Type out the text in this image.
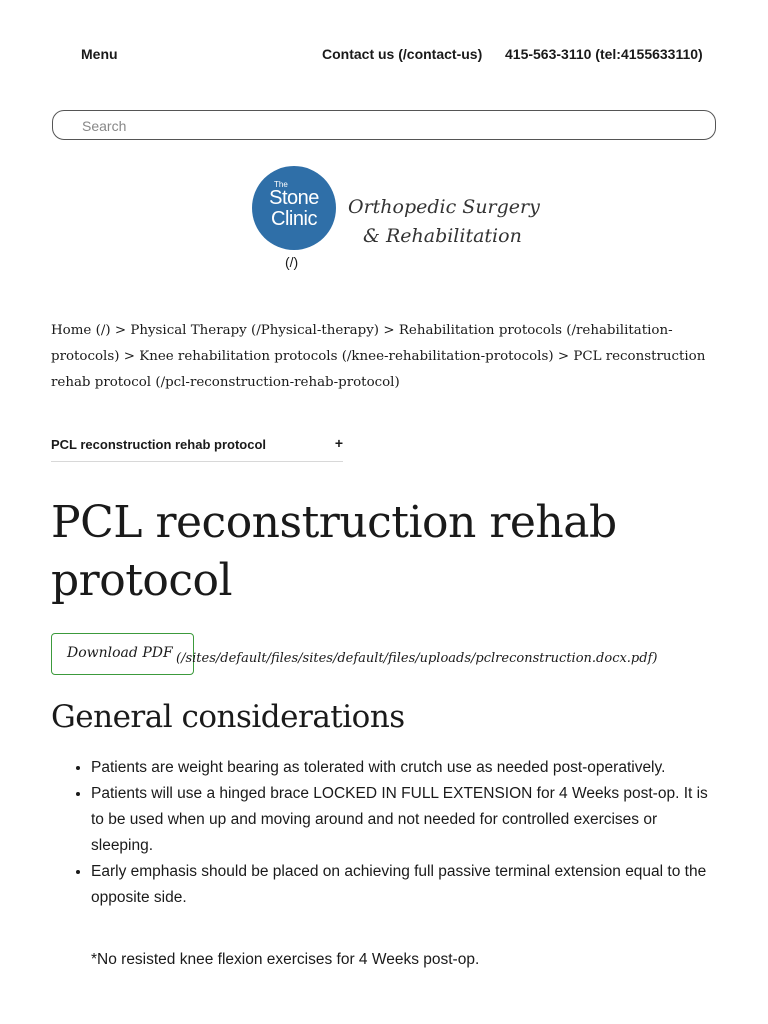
Menu	Contact us (/contact-us) 415-563-3110 (tel:4155633110)
Search
The
Stone
Clinic
Orthopedic Surgery
& Rehabilitation
(/)
Home (/) > Physical Therapy (/Physical-therapy) > Rehabilitation protocols (/rehabilitation-protocols) > Knee rehabilitation protocols (/knee-rehabilitation-protocols) > PCL reconstruction rehab protocol (/pcl-reconstruction-rehab-protocol)
PCL reconstruction rehab protocol	+
PCL reconstruction rehab protocol
Download PDF (/sites/default/files/sites/default/files/uploads/pclreconstruction.docx.pdf)
General considerations
• Patients are weight bearing as tolerated with crutch use as needed post-operatively.
• Patients will use a hinged brace LOCKED IN FULL EXTENSION for 4 Weeks post-op. It is to be used when up and moving around and not needed for controlled exercises or sleeping.
• Early emphasis should be placed on achieving full passive terminal extension equal to the opposite side.

*No resisted knee flexion exercises for 4 Weeks post-op.
